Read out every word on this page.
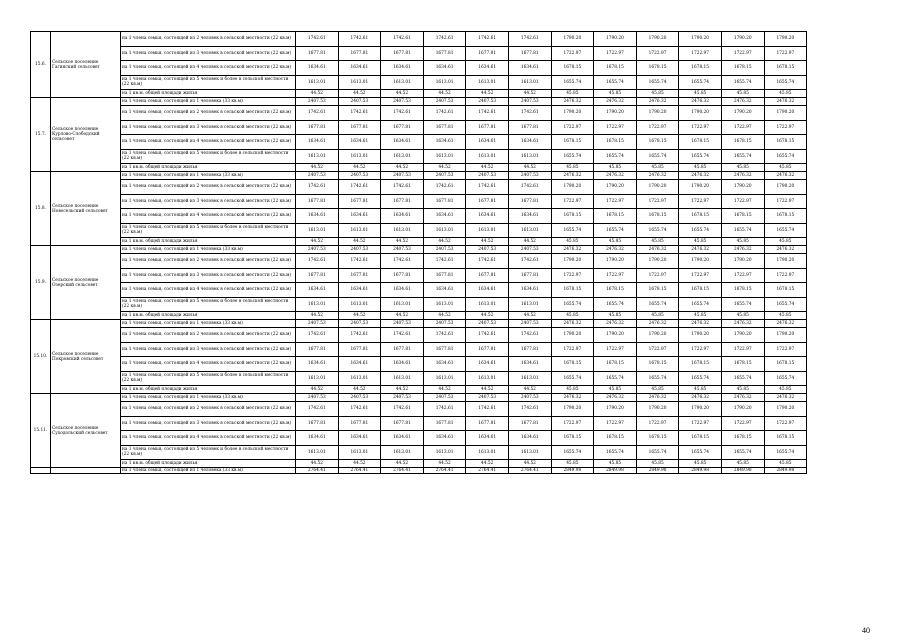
15.6.	Сельское поселение Гагинский сельсовет	на 1 члена семьи, состоящей из 2 человек в сельской местности (22 кв.м)	1742.61	1742.61	1742.61	1742.61	1742.61	1742.61	1790.20	1790.20	1790.20	1790.20	1790.20	1790.20
		на 1 члена семьи, состоящей из 3 человек в сельской местности (22 кв.м)	1677.81	1677.81	1677.81	1677.81	1677.81	1677.81	1722.97	1722.97	1722.97	1722.97	1722.97	1722.97
		на 1 члена семьи, состоящей из 4 человек в сельской местности (22 кв.м)	1634.61	1634.61	1634.61	1634.61	1634.61	1634.61	1678.15	1678.15	1678.15	1678.15	1678.15	1678.15
		на 1 члена семьи, состоящей из 5 человек и более в сельской местности (22 кв.м)	1613.01	1613.01	1613.01	1613.01	1613.01	1613.01	1655.74	1655.74	1655.74	1655.74	1655.74	1655.74
		на 1 кв.м. общей площади жилья	44.52	44.52	44.52	44.52	44.52	44.52	45.85	45.85	45.85	45.85	45.85	45.85
15.7.	Сельское поселение Курлово-Слободский сельсовет	на 1 члена семьи, состоящей из 1 человека (33 кв.м)	2407.53	2407.53	2407.53	2407.53	2407.53	2407.53	2476.32	2476.32	2476.32	2476.32	2476.32	2476.32
		на 1 члена семьи, состоящей из 2 человек в сельской местности (22 кв.м)	1742.61	1742.61	1742.61	1742.61	1742.61	1742.61	1790.20	1790.20	1790.20	1790.20	1790.20	1790.20
		на 1 члена семьи, состоящей из 3 человек в сельской местности (22 кв.м)	1677.81	1677.81	1677.81	1677.81	1677.81	1677.81	1722.97	1722.97	1722.97	1722.97	1722.97	1722.97
		на 1 члена семьи, состоящей из 4 человек в сельской местности (22 кв.м)	1634.61	1634.61	1634.61	1634.61	1634.61	1634.61	1678.15	1678.15	1678.15	1678.15	1678.15	1678.15
		на 1 члена семьи, состоящей из 5 человек и более в сельской местности (22 кв.м)	1613.01	1613.01	1613.01	1613.01	1613.01	1613.01	1655.74	1655.74	1655.74	1655.74	1655.74	1655.74
		на 1 кв.м. общей площади жилья	44.52	44.52	44.52	44.52	44.52	44.52	45.85	45.85	45.85	45.85	45.85	45.85
15.8.	Сельское поселение Новосельский сельсовет	на 1 члена семьи, состоящей из 1 человека (33 кв.м)	2407.53	2407.53	2407.53	2407.53	2407.53	2407.53	2476.32	2476.32	2476.32	2476.32	2476.32	2476.32
		на 1 члена семьи, состоящей из 2 человек в сельской местности (22 кв.м)	1742.61	1742.61	1742.61	1742.61	1742.61	1742.61	1790.20	1790.20	1790.20	1790.20	1790.20	1790.20
		на 1 члена семьи, состоящей из 3 человек в сельской местности (22 кв.м)	1677.81	1677.81	1677.81	1677.81	1677.81	1677.81	1722.97	1722.97	1722.97	1722.97	1722.97	1722.97
		на 1 члена семьи, состоящей из 4 человек в сельской местности (22 кв.м)	1634.61	1634.61	1634.61	1634.61	1634.61	1634.61	1678.15	1678.15	1678.15	1678.15	1678.15	1678.15
		на 1 члена семьи, состоящей из 5 человек и более в сельской местности (22 кв.м)	1613.01	1613.01	1613.01	1613.01	1613.01	1613.01	1655.74	1655.74	1655.74	1655.74	1655.74	1655.74
		на 1 кв.м. общей площади жилья	44.52	44.52	44.52	44.52	44.52	44.52	45.85	45.85	45.85	45.85	45.85	45.85
15.9.	Сельское поселение Озерский сельсовет	на 1 члена семьи, состоящей из 1 человека (33 кв.м)	2407.53	2407.53	2407.53	2407.53	2407.53	2407.53	2476.32	2476.32	2476.32	2476.32	2476.32	2476.32
		на 1 члена семьи, состоящей из 2 человек в сельской местности (22 кв.м)	1742.61	1742.61	1742.61	1742.61	1742.61	1742.61	1790.20	1790.20	1790.20	1790.20	1790.20	1790.20
		на 1 члена семьи, состоящей из 3 человек в сельской местности (22 кв.м)	1677.81	1677.81	1677.81	1677.81	1677.81	1677.81	1722.97	1722.97	1722.97	1722.97	1722.97	1722.97
		на 1 члена семьи, состоящей из 4 человек в сельской местности (22 кв.м)	1634.61	1634.61	1634.61	1634.61	1634.61	1634.61	1678.15	1678.15	1678.15	1678.15	1678.15	1678.15
		на 1 члена семьи, состоящей из 5 человек и более в сельской местности (22 кв.м)	1613.01	1613.01	1613.01	1613.01	1613.01	1613.01	1655.74	1655.74	1655.74	1655.74	1655.74	1655.74
		на 1 кв.м. общей площади жилья	44.52	44.52	44.52	44.52	44.52	44.52	45.85	45.85	45.85	45.85	45.85	45.85
15.10.	Сельское поселение Покровский сельсовет	на 1 члена семьи, состоящей из 1 человека (33 кв.м)	2407.53	2407.53	2407.53	2407.53	2407.53	2407.53	2476.32	2476.32	2476.32	2476.32	2476.32	2476.32
		на 1 члена семьи, состоящей из 2 человек в сельской местности (22 кв.м)	1742.61	1742.61	1742.61	1742.61	1742.61	1742.61	1790.20	1790.20	1790.20	1790.20	1790.20	1790.20
		на 1 члена семьи, состоящей из 3 человек в сельской местности (22 кв.м)	1677.81	1677.81	1677.81	1677.81	1677.81	1677.81	1722.97	1722.97	1722.97	1722.97	1722.97	1722.97
		на 1 члена семьи, состоящей из 4 человек в сельской местности (22 кв.м)	1634.61	1634.61	1634.61	1634.61	1634.61	1634.61	1678.15	1678.15	1678.15	1678.15	1678.15	1678.15
		на 1 члена семьи, состоящей из 5 человек и более в сельской местности (22 кв.м)	1613.01	1613.01	1613.01	1613.01	1613.01	1613.01	1655.74	1655.74	1655.74	1655.74	1655.74	1655.74
		на 1 кв.м. общей площади жилья	44.52	44.52	44.52	44.52	44.52	44.52	45.85	45.85	45.85	45.85	45.85	45.85
15.11.	Сельское поселение Суходольский сельсовет	на 1 члена семьи, состоящей из 1 человека (33 кв.м)	2407.53	2407.53	2407.53	2407.53	2407.53	2407.53	2476.32	2476.32	2476.32	2476.32	2476.32	2476.32
		на 1 члена семьи, состоящей из 2 человек в сельской местности (22 кв.м)	1742.61	1742.61	1742.61	1742.61	1742.61	1742.61	1790.20	1790.20	1790.20	1790.20	1790.20	1790.20
		на 1 члена семьи, состоящей из 3 человек в сельской местности (22 кв.м)	1677.81	1677.81	1677.81	1677.81	1677.81	1677.81	1722.97	1722.97	1722.97	1722.97	1722.97	1722.97
		на 1 члена семьи, состоящей из 4 человек в сельской местности (22 кв.м)	1634.61	1634.61	1634.61	1634.61	1634.61	1634.61	1678.15	1678.15	1678.15	1678.15	1678.15	1678.15
		на 1 члена семьи, состоящей из 5 человек и более в сельской местности (22 кв.м)	1613.01	1613.01	1613.01	1613.01	1613.01	1613.01	1655.74	1655.74	1655.74	1655.74	1655.74	1655.74
		на 1 кв.м. общей площади жилья	44.52	44.52	44.52	44.52	44.52	44.52	45.85	45.85	45.85	45.85	45.85	45.85
		на 1 члена семьи, состоящей из 1 человека (33 кв.м)	2764.41	2764.41	2764.41	2764.41	2764.41	2764.41	2849.98	2849.98	2849.98	2849.98	2849.98	2849.98
40
